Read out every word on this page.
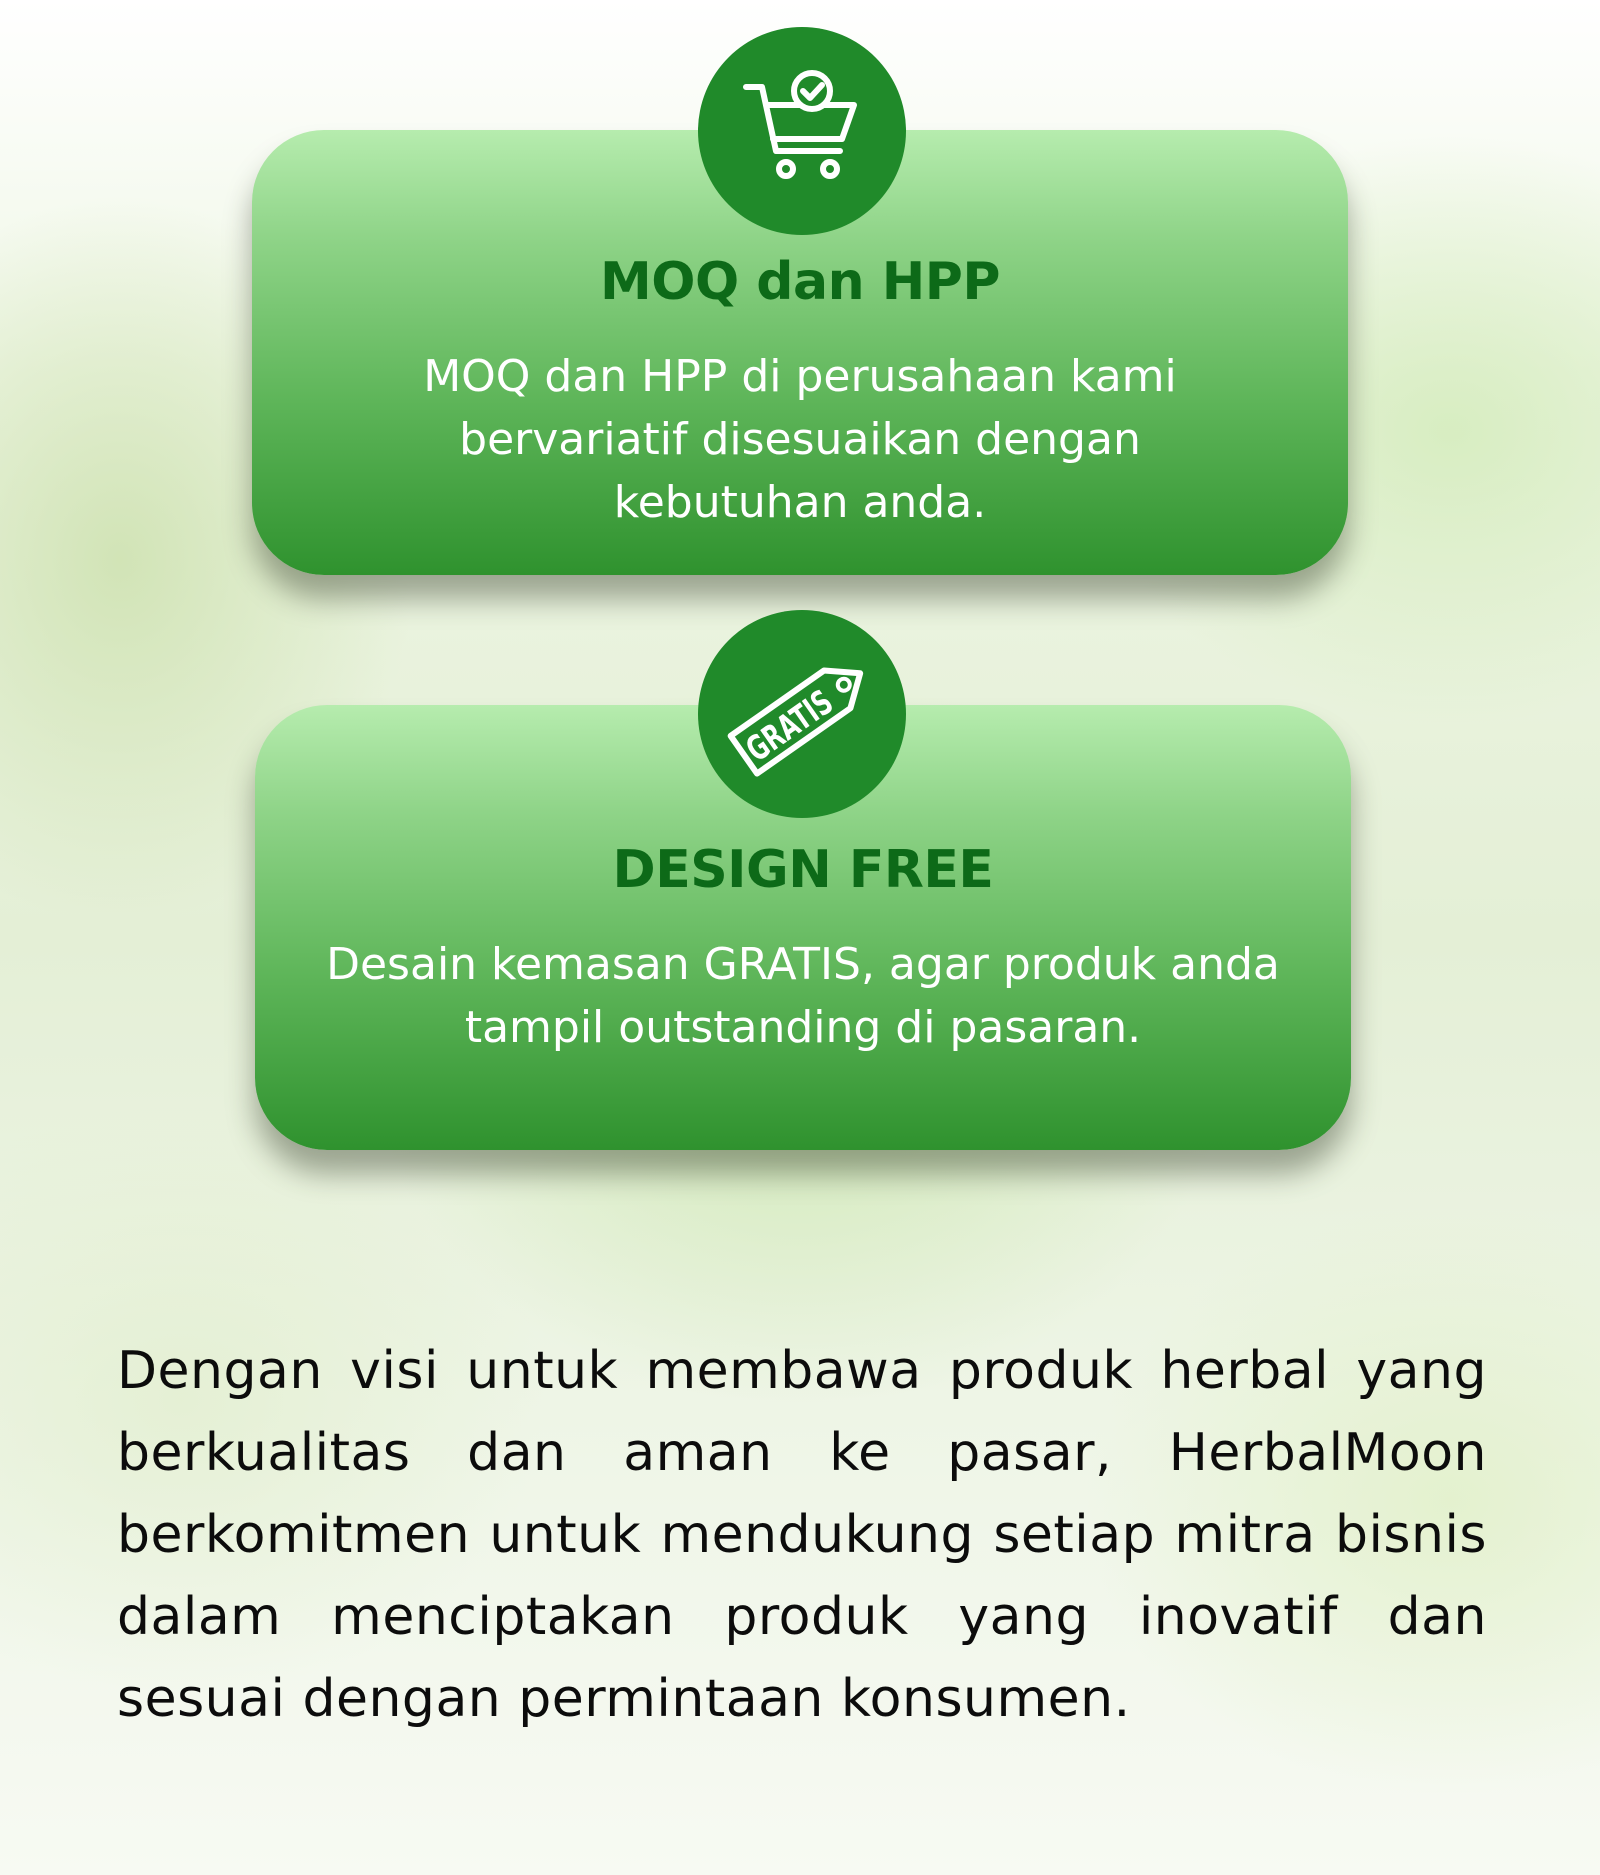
MOQ dan HPP
MOQ dan HPP di perusahaan kami bervariatif disesuaikan dengan kebutuhan anda.
DESIGN FREE
Desain kemasan GRATIS, agar produk anda tampil outstanding di pasaran.
GRATIS

Dengan visi untuk membawa produk herbal yang berkualitas dan aman ke pasar, HerbalMoon berkomitmen untuk mendukung setiap mitra bisnis dalam menciptakan produk yang inovatif dan sesuai dengan permintaan konsumen.
